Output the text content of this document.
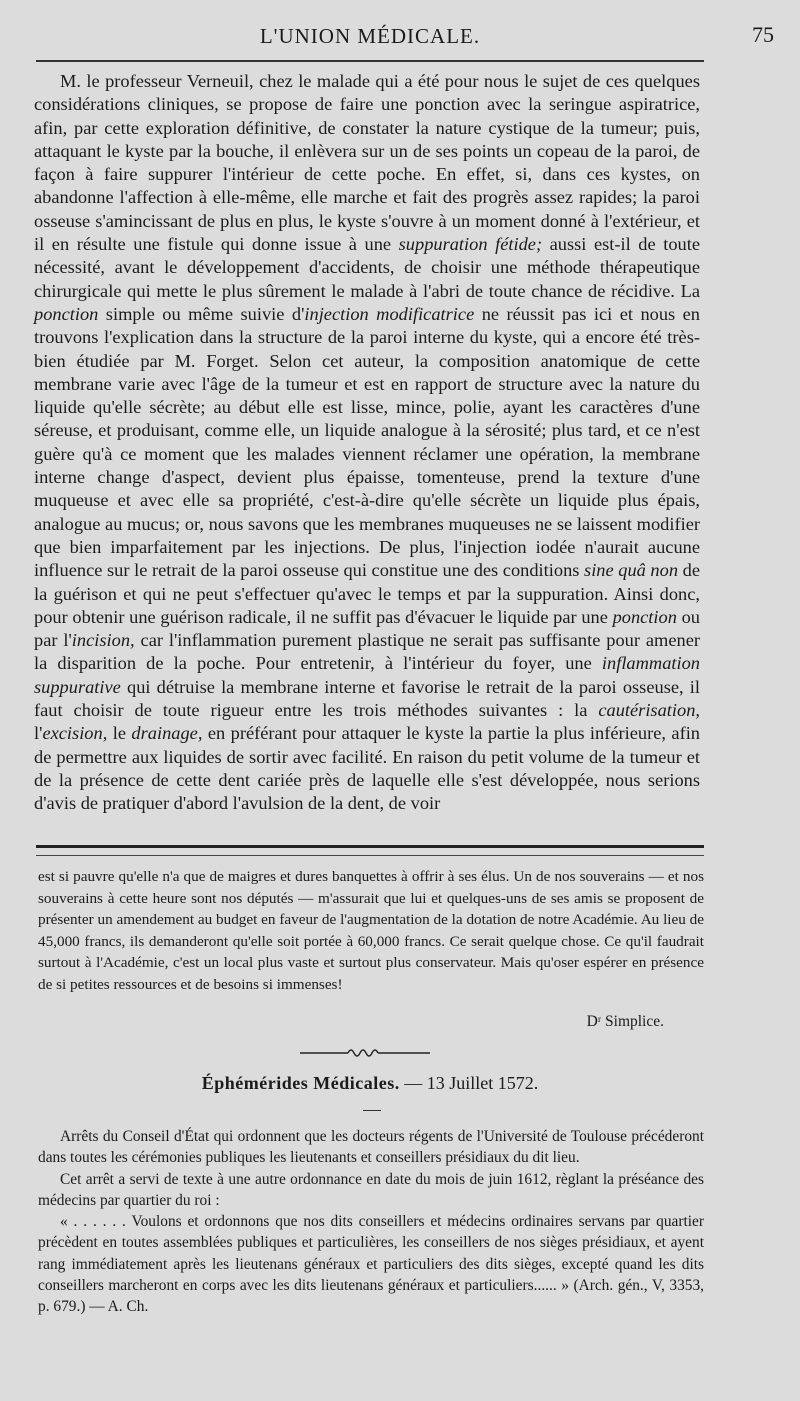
L'UNION MÉDICALE.	75

M. le professeur Verneuil, chez le malade qui a été pour nous le sujet de ces quelques considérations cliniques, se propose de faire une ponction avec la seringue aspiratrice, afin, par cette exploration définitive, de constater la nature cystique de la tumeur; puis, attaquant le kyste par la bouche, il enlèvera sur un de ses points un copeau de la paroi, de façon à faire suppurer l'intérieur de cette poche. En effet, si, dans ces kystes, on abandonne l'affection à elle-même, elle marche et fait des progrès assez rapides; la paroi osseuse s'amincissant de plus en plus, le kyste s'ouvre à un moment donné à l'extérieur, et il en résulte une fistule qui donne issue à une suppuration fétide; aussi est-il de toute nécessité, avant le développement d'accidents, de choisir une méthode thérapeutique chirurgicale qui mette le plus sûrement le malade à l'abri de toute chance de récidive. La ponction simple ou même suivie d'injection modificatrice ne réussit pas ici et nous en trouvons l'explication dans la structure de la paroi interne du kyste, qui a encore été très-bien étudiée par M. Forget. Selon cet auteur, la composition anatomique de cette membrane varie avec l'âge de la tumeur et est en rapport de structure avec la nature du liquide qu'elle sécrète; au début elle est lisse, mince, polie, ayant les caractères d'une séreuse, et produisant, comme elle, un liquide analogue à la sérosité; plus tard, et ce n'est guère qu'à ce moment que les malades viennent réclamer une opération, la membrane interne change d'aspect, devient plus épaisse, tomenteuse, prend la texture d'une muqueuse et avec elle sa propriété, c'est-à-dire qu'elle sécrète un liquide plus épais, analogue au mucus; or, nous savons que les membranes muqueuses ne se laissent modifier que bien imparfaitement par les injections. De plus, l'injection iodée n'aurait aucune influence sur le retrait de la paroi osseuse qui constitue une des conditions sine quâ non de la guérison et qui ne peut s'effectuer qu'avec le temps et par la suppuration. Ainsi donc, pour obtenir une guérison radicale, il ne suffit pas d'évacuer le liquide par une ponction ou par l'incision, car l'inflammation purement plastique ne serait pas suffisante pour amener la disparition de la poche. Pour entretenir, à l'intérieur du foyer, une inflammation suppurative qui détruise la membrane interne et favorise le retrait de la paroi osseuse, il faut choisir de toute rigueur entre les trois méthodes suivantes : la cautérisation, l'excision, le drainage, en préférant pour attaquer le kyste la partie la plus inférieure, afin de permettre aux liquides de sortir avec facilité. En raison du petit volume de la tumeur et de la présence de cette dent cariée près de laquelle elle s'est développée, nous serions d'avis de pratiquer d'abord l'avulsion de la dent, de voir

est si pauvre qu'elle n'a que de maigres et dures banquettes à offrir à ses élus. Un de nos souverains — et nos souverains à cette heure sont nos députés — m'assurait que lui et quelques-uns de ses amis se proposent de présenter un amendement au budget en faveur de l'augmentation de la dotation de notre Académie. Au lieu de 45,000 francs, ils demanderont qu'elle soit portée à 60,000 francs. Ce serait quelque chose. Ce qu'il faudrait surtout à l'Académie, c'est un local plus vaste et surtout plus conservateur. Mais qu'oser espérer en présence de si petites ressources et de besoins si immenses!

Dʳ Simplice.
Éphémérides Médicales. — 13 Juillet 1572.

Arrêts du Conseil d'État qui ordonnent que les docteurs régents de l'Université de Toulouse précéderont dans toutes les cérémonies publiques les lieutenants et conseillers présidiaux du dit lieu.

Cet arrêt a servi de texte à une autre ordonnance en date du mois de juin 1612, règlant la préséance des médecins par quartier du roi :

« . . . . . . Voulons et ordonnons que nos dits conseillers et médecins ordinaires servans par quartier précèdent en toutes assemblées publiques et particulières, les conseillers de nos sièges présidiaux, et ayent rang immédiatement après les lieutenans généraux et particuliers des dits sièges, excepté quand les dits conseillers marcheront en corps avec les dits lieutenans généraux et particuliers...... » (Arch. gén., V, 3353, p. 679.) — A. Ch.
